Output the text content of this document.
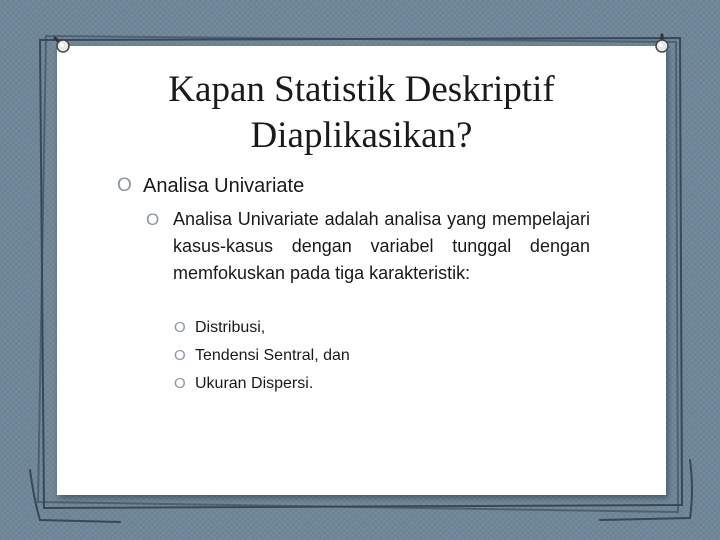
Kapan Statistik Deskriptif Diaplikasikan?
O Analisa Univariate
O Analisa Univariate adalah analisa yang mempelajari kasus-kasus dengan variabel tunggal dengan memfokuskan pada tiga karakteristik:
O Distribusi,
O Tendensi Sentral, dan
O Ukuran Dispersi.
